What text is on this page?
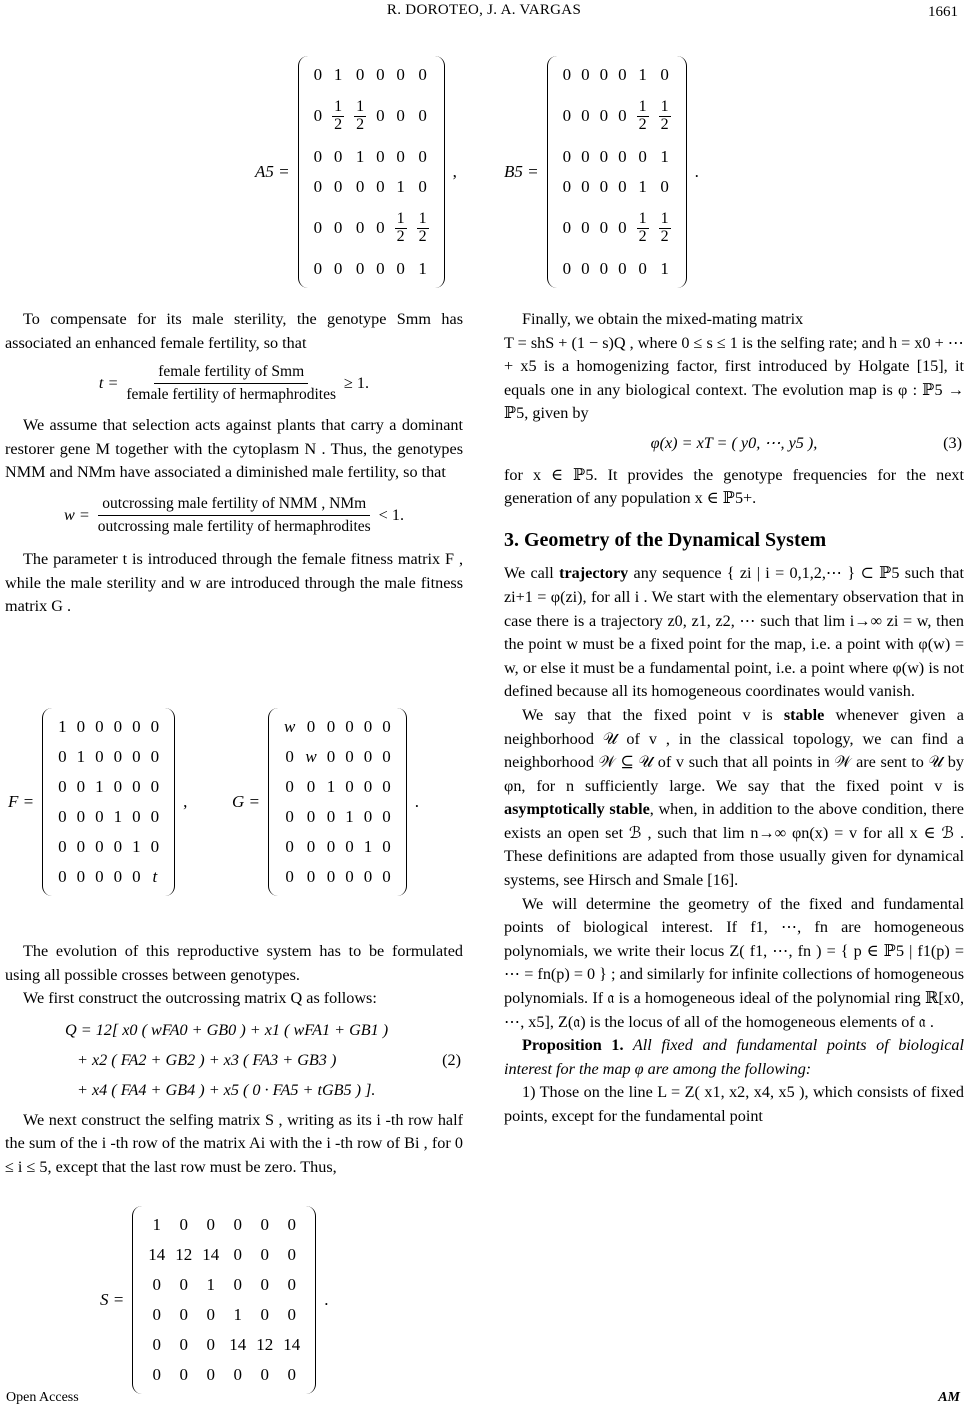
R. DOROTEO, J. A. VARGAS	1661
Open Access	AM
A5 =
0	1	0	0	0	0
0	$\frac{1}{2}$	$\frac{1}{2}$	0	0	0
0	0	1	0	0	0
0	0	0	0	1	0
0	0	0	0	$\frac{1}{2}$	$\frac{1}{2}$

0	0	0	0	0	1
,	B5 =
0	0	0	0	1	0
0	0	0	0	$\frac{1}{2}$	$\frac{1}{2}$

0	0	0	0	0	1
0	0	0	0	1	0
0	0	0	0	$\frac{1}{2}$	$\frac{1}{2}$

0	0	0	0	0	1
.

To compensate for its male sterility, the genotype Smm has associated an enhanced female fertility, so that

$t = \frac{\text{female fertility of Smm}}{\text{female fertility of hermaphrodites}} \ge 1$.

We assume that selection acts against plants that carry a dominant restorer gene M together with the cytoplasm N . Thus, the genotypes NMM and NMm have associated a diminished male fertility, so that

$w = \frac{\text{outcrossing male fertility of NMM , NMm}}{\text{outcrossing male fertility of hermaphrodites}} < 1$.

The parameter t is introduced through the female fitness matrix F , while the male sterility and w are introduced through the male fitness matrix G .

F =
1	0	0	0	0	0
0	1	0	0	0	0
0	0	1	0	0	0
0	0	0	1	0	0
0	0	0	0	1	0
0	0	0	0	0	t
,	G =
w	0	0	0	0	0
0	w	0	0	0	0
0	0	1	0	0	0
0	0	0	1	0	0
0	0	0	0	1	0
0	0	0	0	0	0
.

The evolution of this reproductive system has to be formulated using all possible crosses between genotypes.

We first construct the outcrossing matrix Q as follows:

Q = 12[ x0 ( wFA0 + GB0 ) + x1 ( wFA1 + GB1 )
+ x2 ( FA2 + GB2 ) + x3 ( FA3 + GB3 )
+ x4 ( FA4 + GB4 ) + x5 ( 0 · FA5 + tGB5 ) ].
(2)

We next construct the selfing matrix S , writing as its i -th row half the sum of the i -th row of the matrix Ai with the i -th row of Bi , for 0 ≤ i ≤ 5, except that the last row must be zero. Thus,

S =
1	0	0	0	0	0
14	12	14	0	0	0
0	0	1	0	0	0
0	0	0	1	0	0
0	0	0	14	12	14
0	0	0	0	0	0
.

Finally, we obtain the mixed-mating matrix

T = shS + (1 − s)Q , where 0 ≤ s ≤ 1 is the selfing rate; and h = x0 + ⋯ + x5 is a homogenizing factor, first introduced by Holgate [15], it equals one in any biological context. The evolution map is φ : ℙ5 → ℙ5, given by

φ(x) = xT = ( y0, ⋯, y5 ),	(3)

for x ∈ ℙ5. It provides the genotype frequencies for the next generation of any population x ∈ ℙ5+.

3. Geometry of the Dynamical System

We call trajectory any sequence { zi | i = 0,1,2,⋯ } ⊂ ℙ5 such that zi+1 = φ(zi), for all i . We start with the elementary observation that in case there is a trajectory z0, z1, z2, ⋯ such that lim i→∞ zi = w, then the point w must be a fixed point for the map, i.e. a point with φ(w) = w, or else it must be a fundamental point, i.e. a point where φ(w) is not defined because all its homogeneous coordinates would vanish.

We say that the fixed point v is stable whenever given a neighborhood 𝒰 of v , in the classical topology, we can find a neighborhood 𝒲 ⊆ 𝒰 of v such that all points in 𝒲 are sent to 𝒰 by φn, for n sufficiently large. We say that the fixed point v is asymptotically stable, when, in addition to the above condition, there exists an open set ℬ , such that lim n→∞ φn(x) = v for all x ∈ ℬ . These definitions are adapted from those usually given for dynamical systems, see Hirsch and Smale [16].

We will determine the geometry of the fixed and fundamental points of biological interest. If f1, ⋯, fn are homogeneous polynomials, we write their locus Z( f1, ⋯, fn ) = { p ∈ ℙ5 | f1(p) = ⋯ = fn(p) = 0 } ; and similarly for infinite collections of homogeneous polynomials. If 𝔞 is a homogeneous ideal of the polynomial ring ℝ[x0, ⋯, x5], Z(𝔞) is the locus of all of the homogeneous elements of 𝔞 .

Proposition 1. All fixed and fundamental points of biological interest for the map φ are among the following:

1) Those on the line L = Z( x1, x2, x4, x5 ), which consists of fixed points, except for the fundamental point
